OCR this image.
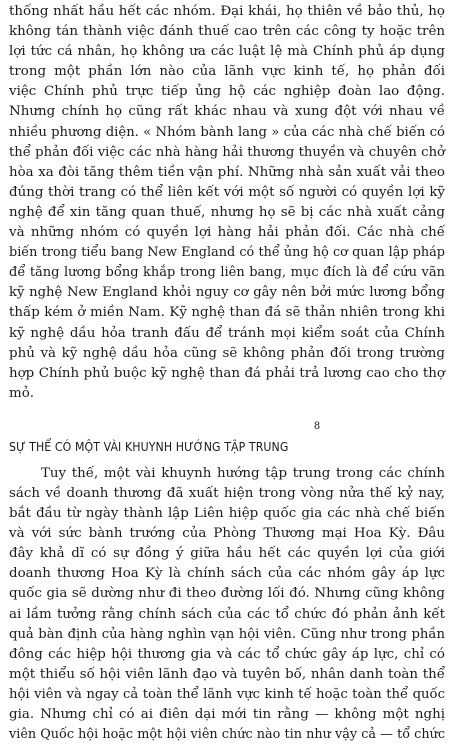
thống nhất hầu hết các nhóm. Đại khái, họ thiên về bảo thủ, họ
không tán thành việc đánh thuế cao trên các công ty hoặc trên
lợi tức cá nhân, họ không ưa các luật lệ mà Chính phủ áp dụng
trong một phần lớn nào của lãnh vực kinh tế, họ phản đối
việc Chính phủ trực tiếp ủng hộ các nghiệp đoàn lao động.
Nhưng chính họ cũng rất khác nhau và xung đột với nhau về
nhiều phương diện. « Nhóm bành lang » của các nhà chế biến có
thể phản đối việc các nhà hàng hải thương thuyền và chuyên chở
hòa xa đòi tăng thêm tiền vận phí. Những nhà sản xuất vải theo
đúng thời trang có thể liên kết với một số người có quyền lợi kỹ
nghệ để xin tăng quan thuế, nhưng họ sẽ bị các nhà xuất cảng
và những nhóm có quyền lợi hàng hải phản đối. Các nhà chế
biến trong tiểu bang New England có thể ủng hộ cơ quan lập pháp
để tăng lương bổng khắp trong liên bang, mục đích là để cứu vãn
kỹ nghệ New England khỏi nguy cơ gây nên bởi mức lương bổng
thấp kém ở miền Nam. Kỹ nghệ than đá sẽ thản nhiên trong khi
kỹ nghệ dầu hỏa tranh đấu để tránh mọi kiểm soát của Chính
phủ và kỹ nghệ dầu hỏa cũng sẽ không phản đối trong trường
hợp Chính phủ buộc kỹ nghệ than đá phải trả lương cao cho thợ
mỏ.
8
SỰ THỂ CÓ MỘT VÀI KHUYNH HƯỚNG TẬP TRUNG
Tuy thế, một vài khuynh hướng tập trung trong các chính
sách về doanh thương đã xuất hiện trong vòng nửa thế kỷ nay,
bắt đầu từ ngày thành lập Liên hiệp quốc gia các nhà chế biến
và với sức bành trướng của Phòng Thương mại Hoa Kỳ. Đâu
đây khả dĩ có sự đồng ý giữa hầu hết các quyền lợi của giới
doanh thương Hoa Kỳ là chính sách của các nhóm gây áp lực
quốc gia sẽ dường như đi theo đường lối đó. Nhưng cũng không
ai lầm tưởng rằng chính sách của các tổ chức đó phản ảnh kết
quả bàn định của hàng nghìn vạn hội viên. Cũng như trong phần
đông các hiệp hội thương gia và các tổ chức gây áp lực, chỉ có
một thiểu số hội viên lãnh đạo và tuyên bố, nhân danh toàn thể
hội viên và ngay cả toàn thể lãnh vực kinh tế hoặc toàn thể quốc
gia. Nhưng chỉ có ai điên dại mới tin rằng — không một nghị
viên Quốc hội hoặc một hội viên chức nào tin như vậy cả — tổ chức
